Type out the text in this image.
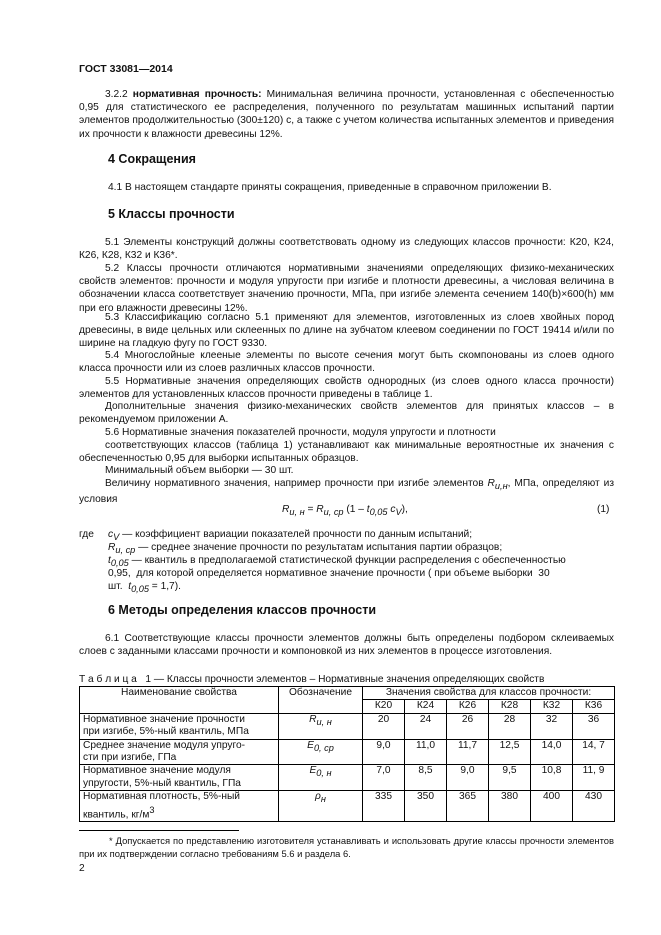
ГОСТ 33081—2014
3.2.2 нормативная прочность: Минимальная величина прочности, установленная с обеспеченностью 0,95 для статистического ее распределения, полученного по результатам машинных испытаний партии элементов продолжительностью (300±120) с, а также с учетом количества испытанных элементов и приведения их прочности к влажности древесины 12%.
4 Сокращения
4.1 В настоящем стандарте приняты сокращения, приведенные в справочном приложении В.
5 Классы прочности
5.1 Элементы конструкций должны соответствовать одному из следующих классов прочности: К20, К24, К26, К28, К32 и К36*.
5.2 Классы прочности отличаются нормативными значениями определяющих физико-механических свойств элементов: прочности и модуля упругости при изгибе и плотности древесины, а числовая величина в обозначении класса соответствует значению прочности, МПа, при изгибе элемента сечением 140(b)×600(h) мм при его влажности древесины 12%.
5.3 Классификацию согласно 5.1 применяют для элементов, изготовленных из слоев хвойных пород древесины, в виде цельных или склеенных по длине на зубчатом клеевом соединении по ГОСТ 19414 и/или по ширине на гладкую фугу по ГОСТ 9330.
5.4 Многослойные клееные элементы по высоте сечения могут быть скомпонованы из слоев одного класса прочности или из слоев различных классов прочности.
5.5 Нормативные значения определяющих свойств однородных (из слоев одного класса прочности) элементов для установленных классов прочности приведены в таблице 1.
Дополнительные значения физико-механических свойств элементов для принятых классов – в рекомендуемом приложении А.
5.6 Нормативные значения показателей прочности, модуля упругости и плотности
соответствующих классов (таблица 1) устанавливают как минимальные вероятностные их значения с обеспеченностью 0,95 для выборки испытанных образцов.
Минимальный объем выборки — 30 шт.
Величину нормативного значения, например прочности при изгибе элементов $R_{и,н}$, МПа, определяют из условия
$R_{и, н} = R_{и, ср}$ ($1 - t_{0,05}$ $c_V$),	(1)
где $c_V$ — коэффициент вариации показателей прочности по данным испытаний;
$R_{и, ср}$ — среднее значение прочности по результатам испытания партии образцов;
$t_{0,05}$ — квантиль в предполагаемой статистической функции распределения с обеспеченностью
0,95,  для которой определяется нормативное значение прочности ( при объеме выборки  30
шт. $t_{0,05} = 1,7$).
6 Методы определения классов прочности
6.1 Соответствующие классы прочности элементов должны быть определены подбором склеиваемых слоев с заданными классами прочности и компоновкой из них элементов в процессе изготовления.
Т а б л и ц а   1 — Классы прочности элементов – Нормативные значения определяющих свойств
Наименование свойства	Обозначение	Значения свойства для классов прочности:					
		К20	К24	К26	К28	К32	К36
Нормативное значение прочности
при изгибе, 5%-ный квантиль, МПа	$R_{и, н}$	20	24	26	28	32	36
Среднее значение модуля упруго-
сти при изгибе, ГПа	$E_{0, ср}$	9,0	11,0	11,7	12,5	14,0	14, 7
Нормативное значение модуля
упругости, 5%-ный квантиль, ГПа	$E_{0, н}$	7,0	8,5	9,0	9,5	10,8	11, 9
Нормативная плотность, 5%-ный
квантиль, $кг/м^3$	$\rho_н$	335	350	365	380	400	430
* Допускается по представлению изготовителя устанавливать и использовать другие классы прочности элементов при их подтверждении согласно требованиям 5.6 и раздела 6.
2
